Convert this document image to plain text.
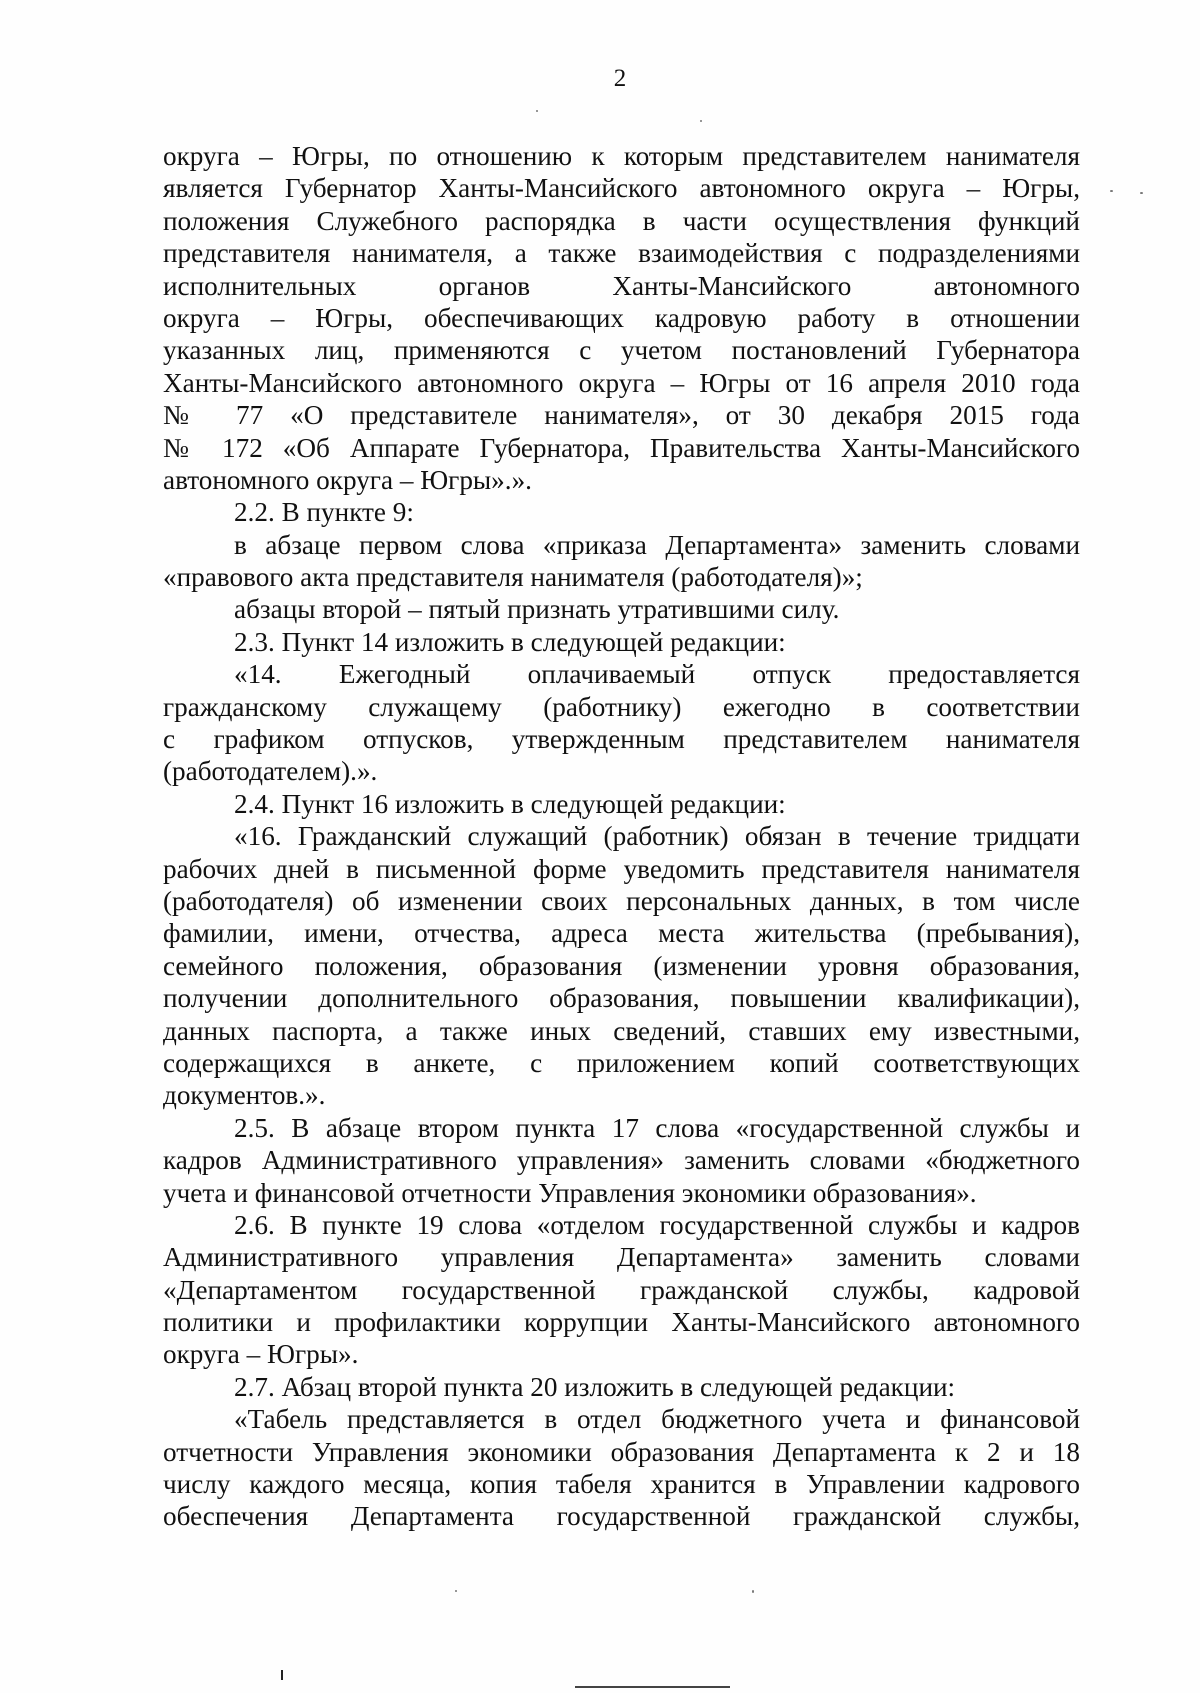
2
округа – Югры, по отношению к которым представителем нанимателя
является Губернатор Ханты-Мансийского автономного округа – Югры,
положения Служебного распорядка в части осуществления функций
представителя нанимателя, а также взаимодействия с подразделениями
исполнительных органов Ханты-Мансийского автономного
округа – Югры, обеспечивающих кадровую работу в отношении
указанных лиц, применяются с учетом постановлений Губернатора
Ханты-Мансийского автономного округа – Югры от 16 апреля 2010 года
№ 77 «О представителе нанимателя», от 30 декабря 2015 года
№ 172 «Об Аппарате Губернатора, Правительства Ханты-Мансийского
автономного округа – Югры».».
2.2. В пункте 9:
в абзаце первом слова «приказа Департамента» заменить словами
«правового акта представителя нанимателя (работодателя)»;
абзацы второй – пятый признать утратившими силу.
2.3. Пункт 14 изложить в следующей редакции:
«14. Ежегодный оплачиваемый отпуск предоставляется
гражданскому служащему (работнику) ежегодно в соответствии
с графиком отпусков, утвержденным представителем нанимателя
(работодателем).».
2.4. Пункт 16 изложить в следующей редакции:
«16. Гражданский служащий (работник) обязан в течение тридцати
рабочих дней в письменной форме уведомить представителя нанимателя
(работодателя) об изменении своих персональных данных, в том числе
фамилии, имени, отчества, адреса места жительства (пребывания),
семейного положения, образования (изменении уровня образования,
получении дополнительного образования, повышении квалификации),
данных паспорта, а также иных сведений, ставших ему известными,
содержащихся в анкете, с приложением копий соответствующих
документов.».
2.5. В абзаце втором пункта 17 слова «государственной службы и
кадров Административного управления» заменить словами «бюджетного
учета и финансовой отчетности Управления экономики образования».
2.6. В пункте 19 слова «отделом государственной службы и кадров
Административного управления Департамента» заменить словами
«Департаментом государственной гражданской службы, кадровой
политики и профилактики коррупции Ханты-Мансийского автономного
округа – Югры».
2.7. Абзац второй пункта 20 изложить в следующей редакции:
«Табель представляется в отдел бюджетного учета и финансовой
отчетности Управления экономики образования Департамента к 2 и 18
числу каждого месяца, копия табеля хранится в Управлении кадрового
обеспечения Департамента государственной гражданской службы,
